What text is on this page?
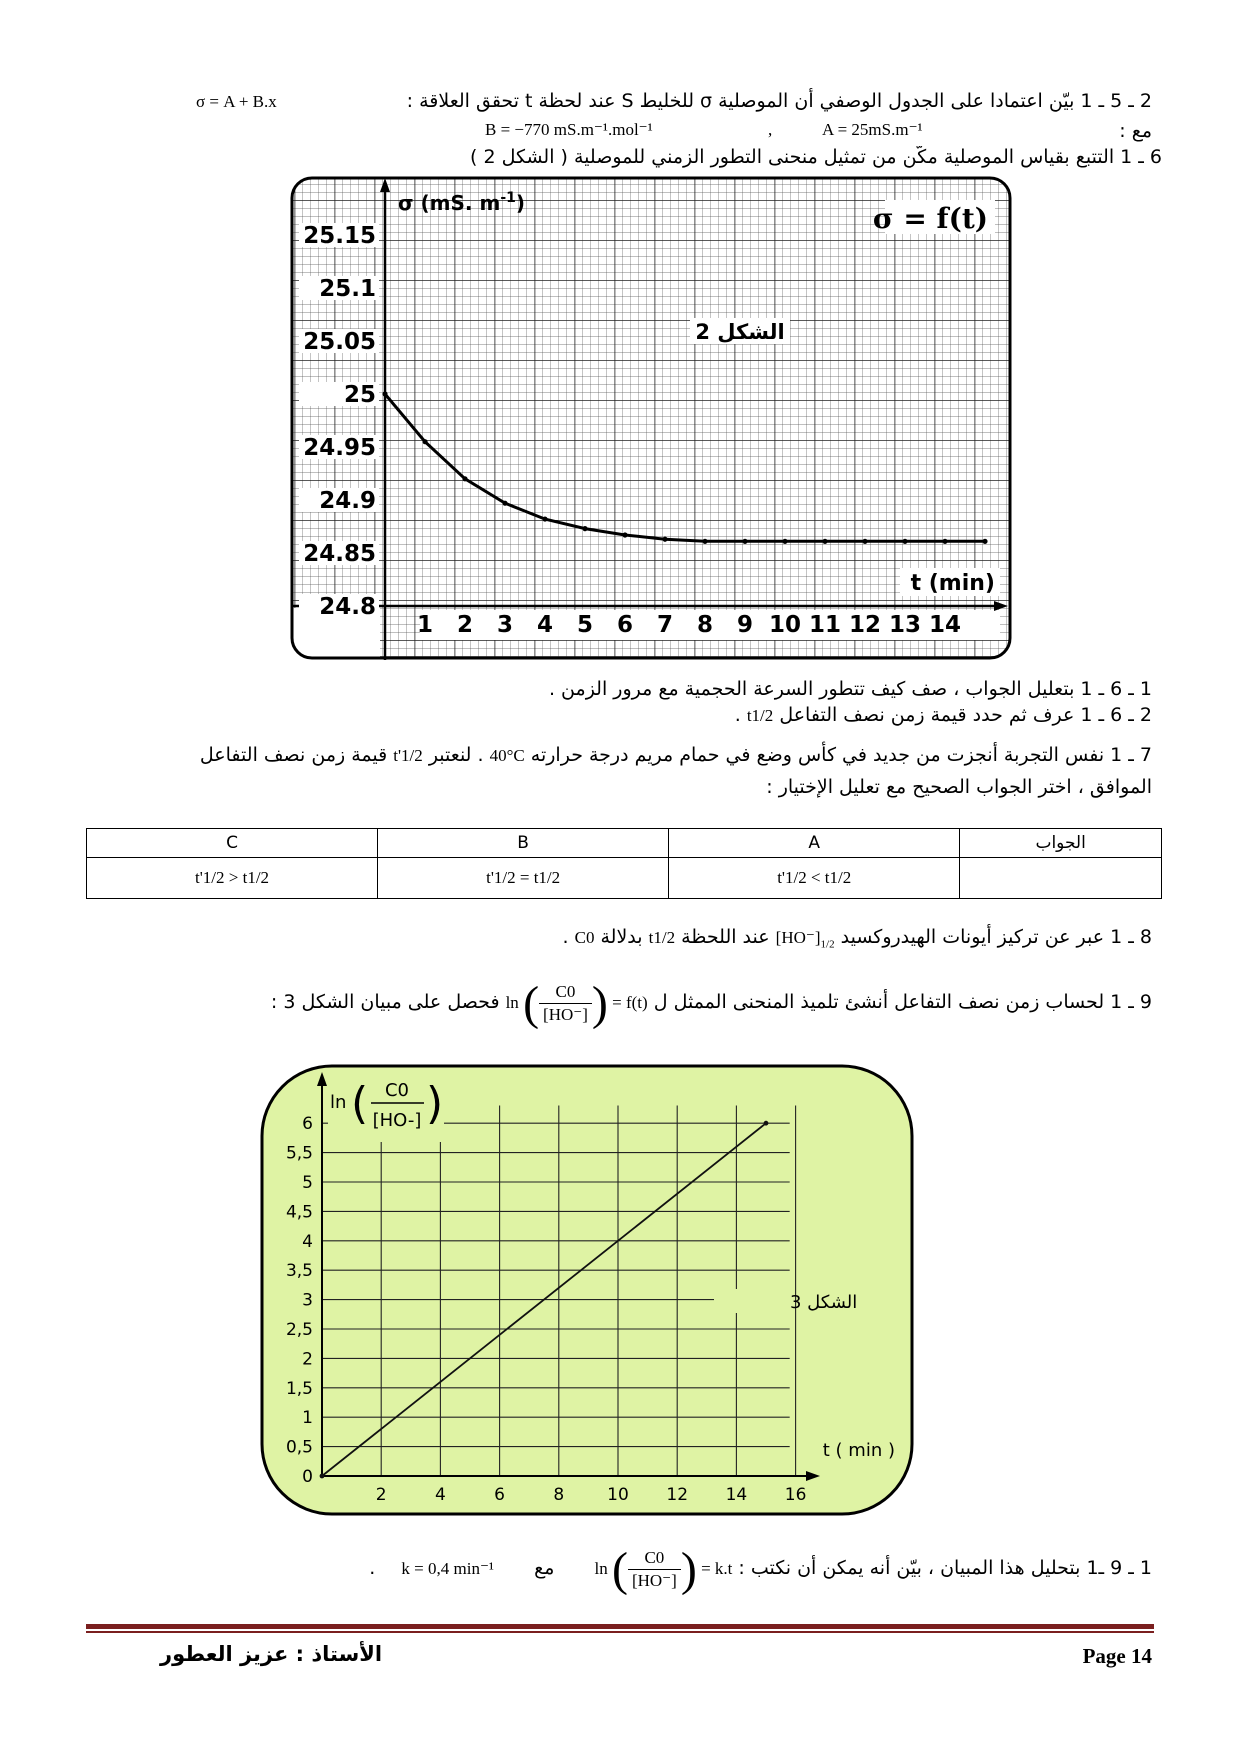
2 ـ 5 ـ 1 بيّن اعتمادا على الجدول الوصفي أن الموصلية σ للخليط S عند لحظة t تحقق العلاقة :
σ = A + B.x
مع :
A = 25mS.m⁻¹
,
B = −770 mS.m⁻¹.mol⁻¹
6 ـ 1 التتبع بقياس الموصلية مكّن من تمثيل منحنى التطور الزمني للموصلية ( الشكل 2 )
24.8
24.85
24.9
24.95
25
25.05
25.1
25.15
1 2 3 4 5 6 7 8 9 10 11 12 13 14
σ (mS. $m^{-1}$)	σ = f(t)
الشكل 2
t (min)
1 ـ 6 ـ 1 بتعليل الجواب ، صف كيف تتطور السرعة الحجمية مع مرور الزمن .
2 ـ 6 ـ 1 عرف ثم حدد قيمة زمن نصف التفاعل t1/2 .
7 ـ 1 نفس التجربة أنجزت من جديد في كأس وضع في حمام مريم درجة حرارته 40°C . لنعتبر t'1/2 قيمة زمن نصف التفاعل
الموافق ، اختر الجواب الصحيح مع تعليل الإختيار :
C	B	A	الجواب
t'1/2 > t1/2	t'1/2 = t1/2	t'1/2 < t1/2	
8 ـ 1 عبر عن تركيز أيونات الهيدروكسيد $[HO^-]_{1/2}$ عند اللحظة t1/2 بدلالة C0 .
9 ـ 1 لحساب زمن نصف التفاعل أنشئ تلميذ المنحنى الممثل ل ln ( $\frac{C0}{[HO^-]}$ ) = f(t) فحصل على مبيان الشكل 3 :
0
0,5
1
1,5
2
2,5
3
3,5
4
4,5
5
5,5
6
2	4	6	8	10 12 14 16
ln ( C0
[HO-] )
الشكل 3
t ( min )
1 ـ 9 ـ1 بتحليل هذا المبيان ، بيّن أنه يمكن أن نكتب : ln ( $\frac{C0}{[HO^-]}$ ) = k.t  مع  k = 0,4 min⁻¹  .
الأستاذ : عزيز العطور	Page 14
